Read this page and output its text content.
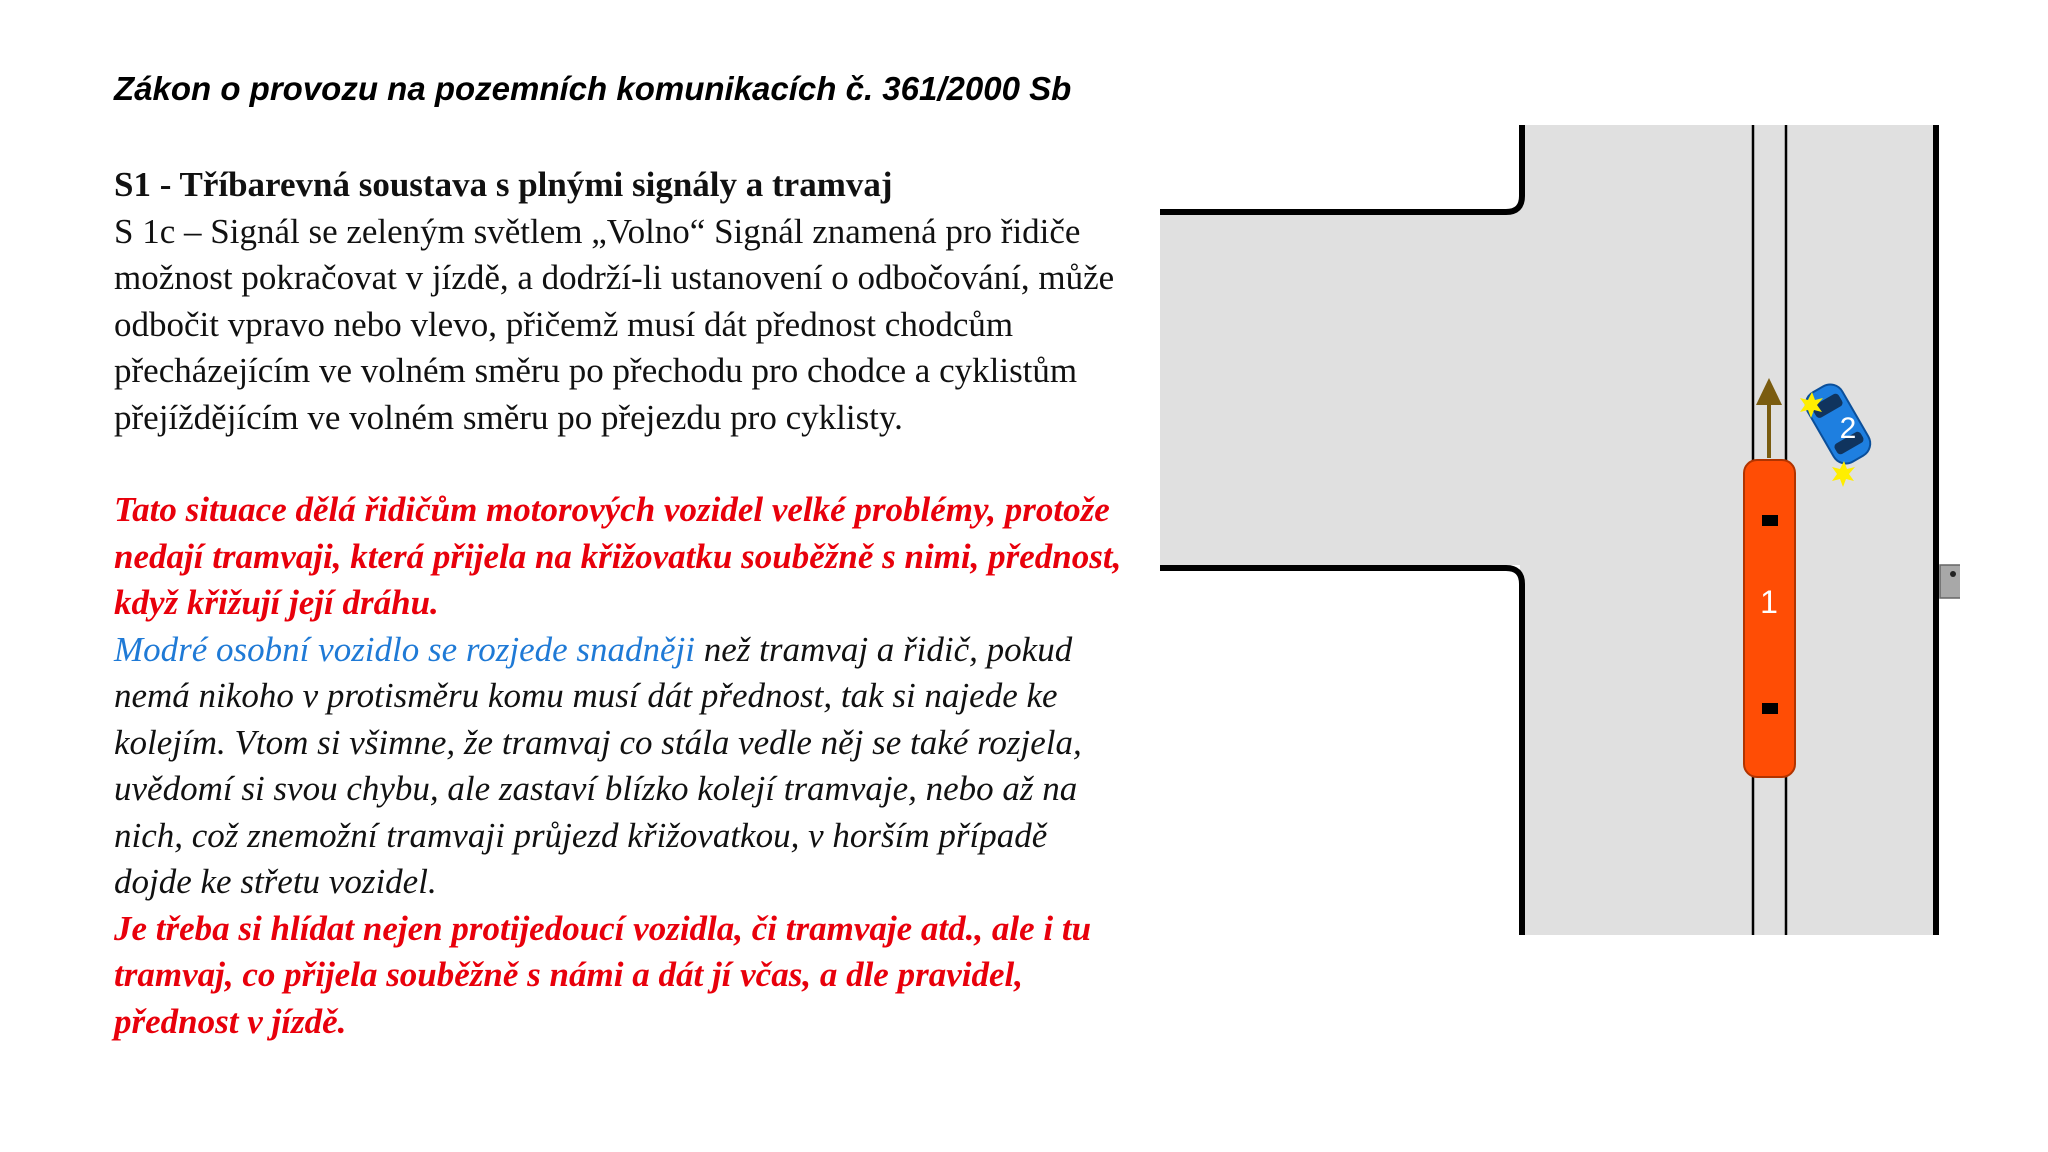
Zákon o provozu na pozemních komunikacích č. 361/2000 Sb

S1 - Tříbarevná soustava s plnými signály a tramvaj

S 1c – Signál se zeleným světlem „Volno“ Signál znamená pro řidiče možnost pokračovat v jízdě, a dodrží-li ustanovení o odbočování, může odbočit vpravo nebo vlevo, přičemž musí dát přednost chodcům přecházejícím ve volném směru po přechodu pro chodce a cyklistům přejíždějícím ve volném směru po přejezdu pro cyklisty.

Tato situace dělá řidičům motorových vozidel velké problémy, protože nedají tramvaji, která přijela na křižovatku souběžně s nimi, přednost, když křižují její dráhu.

Modré osobní vozidlo se rozjede snadněji než tramvaj a řidič, pokud nemá nikoho v protisměru komu musí dát přednost, tak si najede ke kolejím. Vtom si všimne, že tramvaj co stála vedle něj se také rozjela, uvědomí si svou chybu, ale zastaví blízko kolejí tramvaje, nebo až na nich, což znemožní tramvaji průjezd křižovatkou, v horším případě dojde ke střetu vozidel.

Je třeba si hlídat nejen protijedoucí vozidla, či tramvaje atd., ale i tu tramvaj, co přijela souběžně s námi a dát jí včas, a dle pravidel, přednost v jízdě.

1
2
